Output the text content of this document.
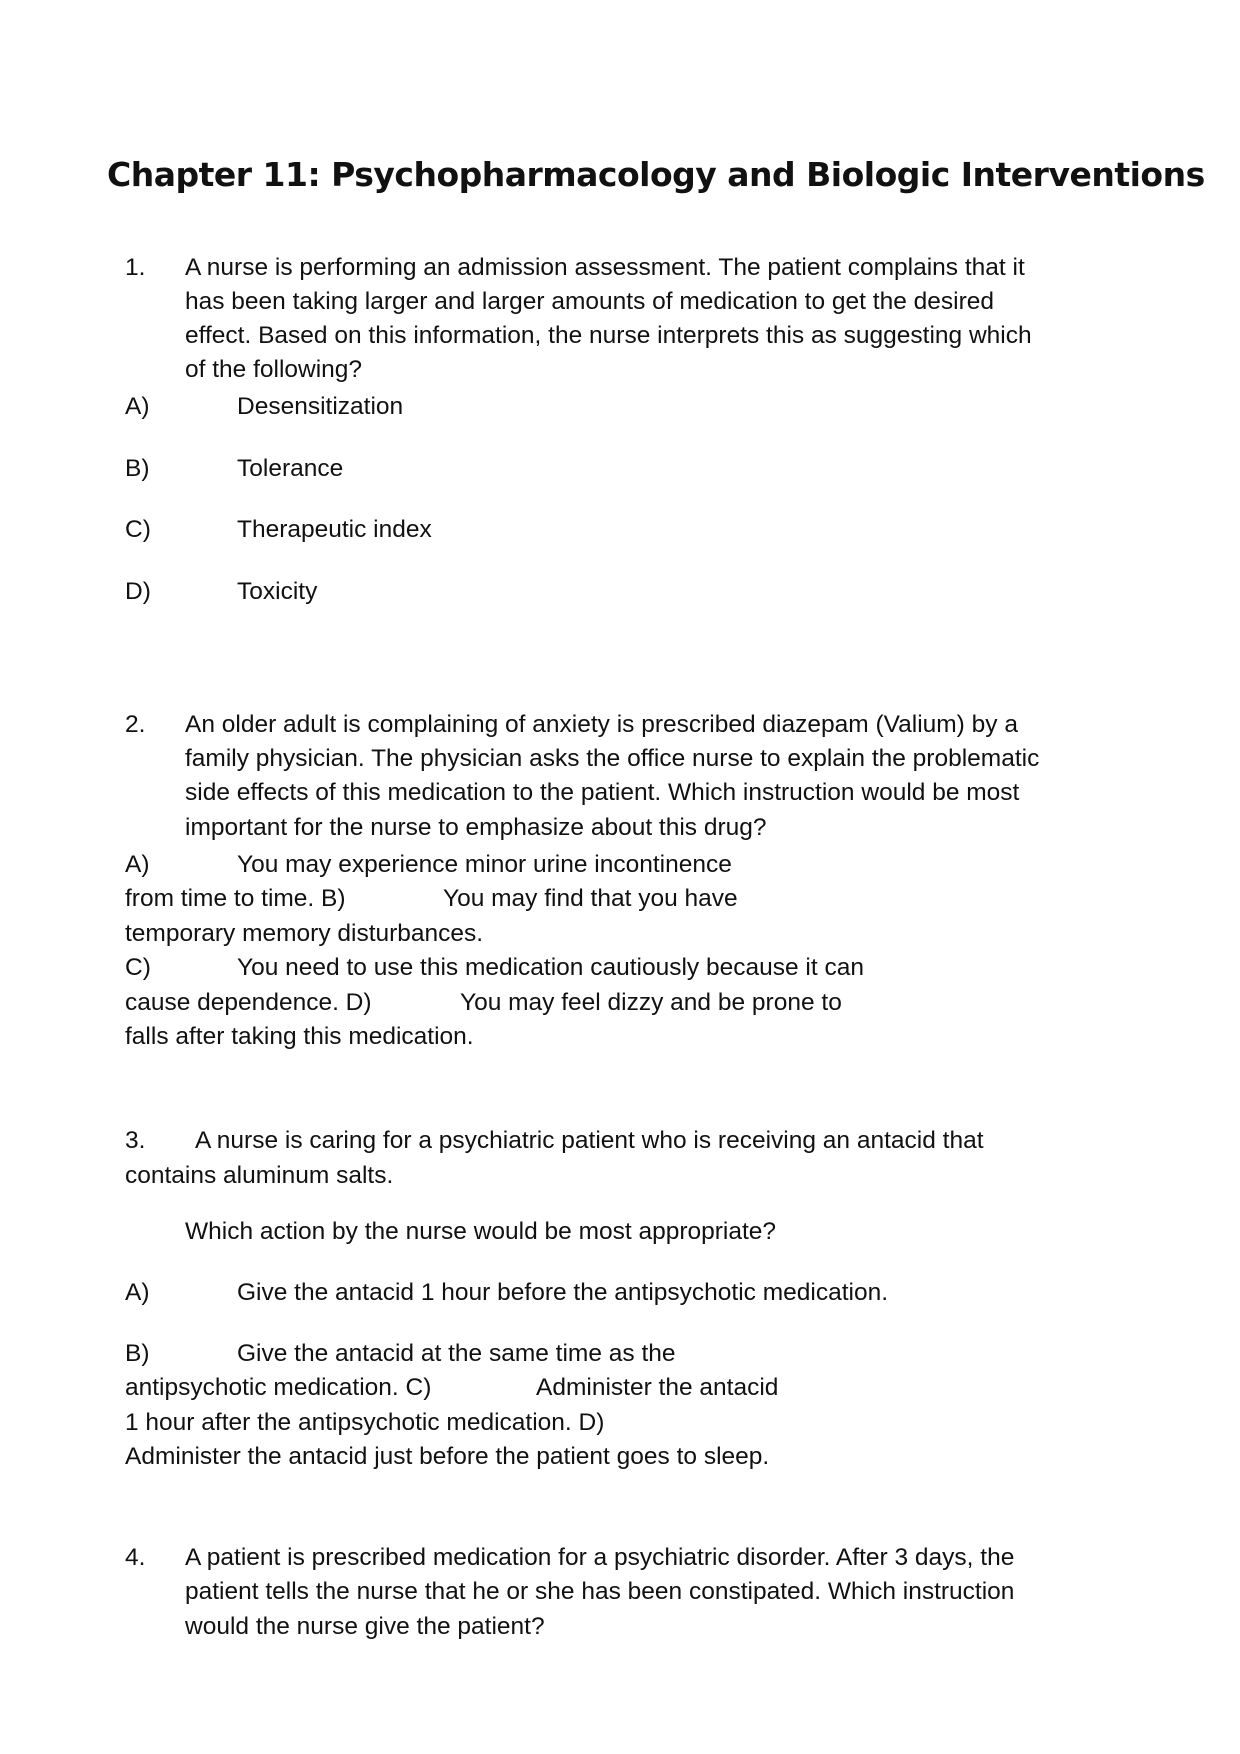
Chapter 11: Psychopharmacology and Biologic Interventions
1. A nurse is performing an admission assessment. The patient complains that it
has been taking larger and larger amounts of medication to get the desired
effect. Based on this information, the nurse interprets this as suggesting which
of the following?
A)	Desensitization
B)	Tolerance
C)	Therapeutic index
D)	Toxicity
2. An older adult is complaining of anxiety is prescribed diazepam (Valium) by a
family physician. The physician asks the office nurse to explain the problematic
side effects of this medication to the patient. Which instruction would be most
important for the nurse to emphasize about this drug?
A)	You may experience minor urine incontinence
from time to time. B)	You may find that you have
temporary memory disturbances.
C)	You need to use this medication cautiously because it can
cause dependence. D)	You may feel dizzy and be prone to
falls after taking this medication.
3. A nurse is caring for a psychiatric patient who is receiving an antacid that
contains aluminum salts.
Which action by the nurse would be most appropriate?
A)	Give the antacid 1 hour before the antipsychotic medication.
B)	Give the antacid at the same time as the
antipsychotic medication. C)	Administer the antacid
1 hour after the antipsychotic medication. D)
Administer the antacid just before the patient goes to sleep.
4. A patient is prescribed medication for a psychiatric disorder. After 3 days, the
patient tells the nurse that he or she has been constipated. Which instruction
would the nurse give the patient?
